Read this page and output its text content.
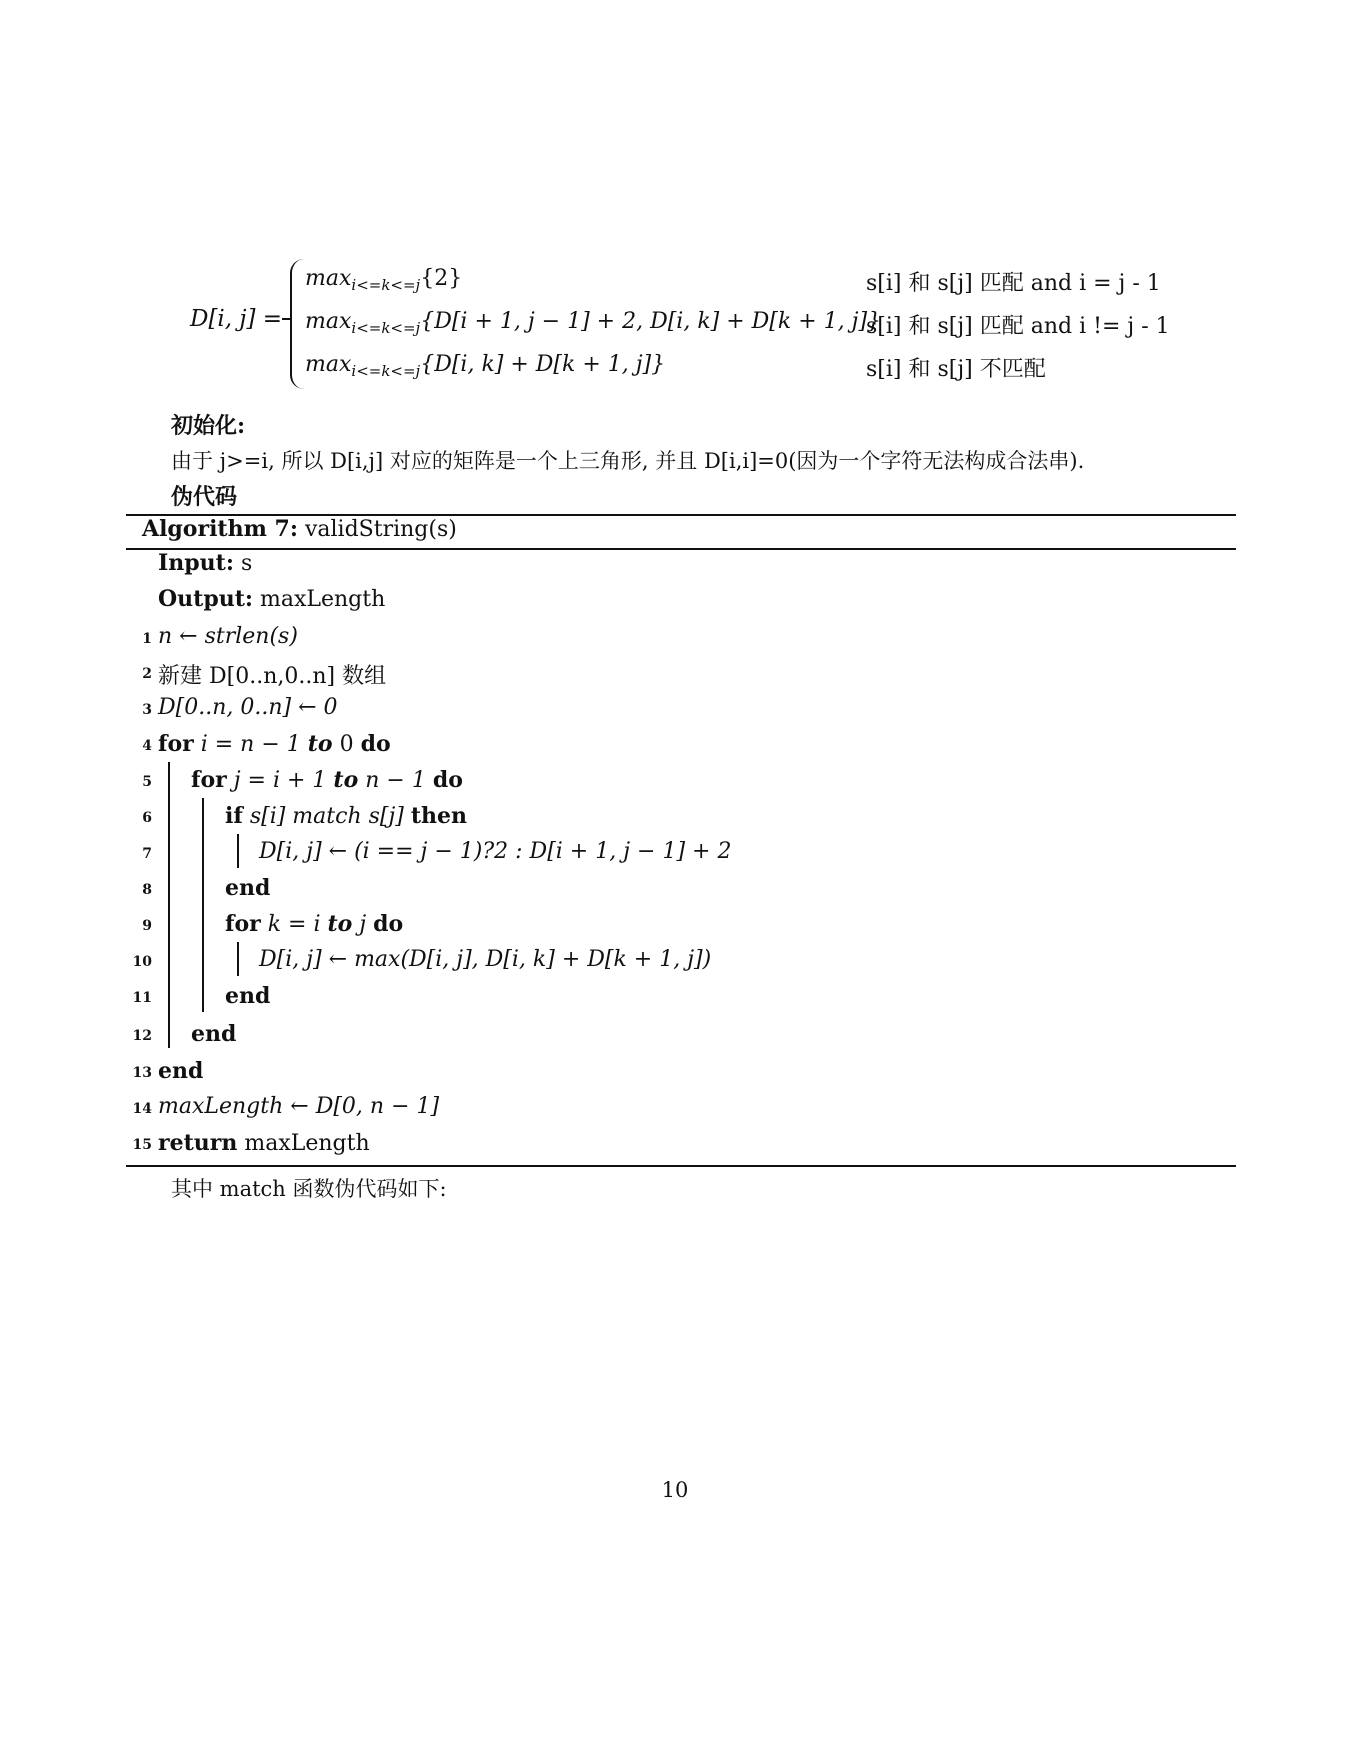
D[i, j] =
$\max_{i<=k<=j}\{2\}$
$\max_{i<=k<=j}\{D[i + 1$, j − 1] + 2, D[i, k] + D[k + 1, j]}
$\max_{i<=k<=j}\{D[i$, k] + D[k + 1, j]}
s[i] 和 s[j] 匹配 and i = j - 1
s[i] 和 s[j] 匹配 and i != j - 1
s[i] 和 s[j] 不匹配
初始化:
由于 j>=i, 所以 D[i,j] 对应的矩阵是一个上三角形, 并且 D[i,i]=0(因为一个字符无法构成合法串).
伪代码
Algorithm 7: validString(s)
Input: s
Output: maxLength
1 n ← strlen(s)
2 新建 D[0..n,0..n] 数组
3 D[0..n, 0..n] ← 0
4 for i = n − 1 to 0 do
5 for j = i + 1 to n − 1 do
6	if s[i] match s[j] then
7	D[i, j] ← (i == j − 1)?2 : D[i + 1, j − 1] + 2
8	end
9	for k = i to j do
10	D[i, j] ← max(D[i, j], D[i, k] + D[k + 1, j])
11	end
12 end
13 end
14 maxLength ← D[0, n − 1]
15 return maxLength
其中 match 函数伪代码如下:
10
